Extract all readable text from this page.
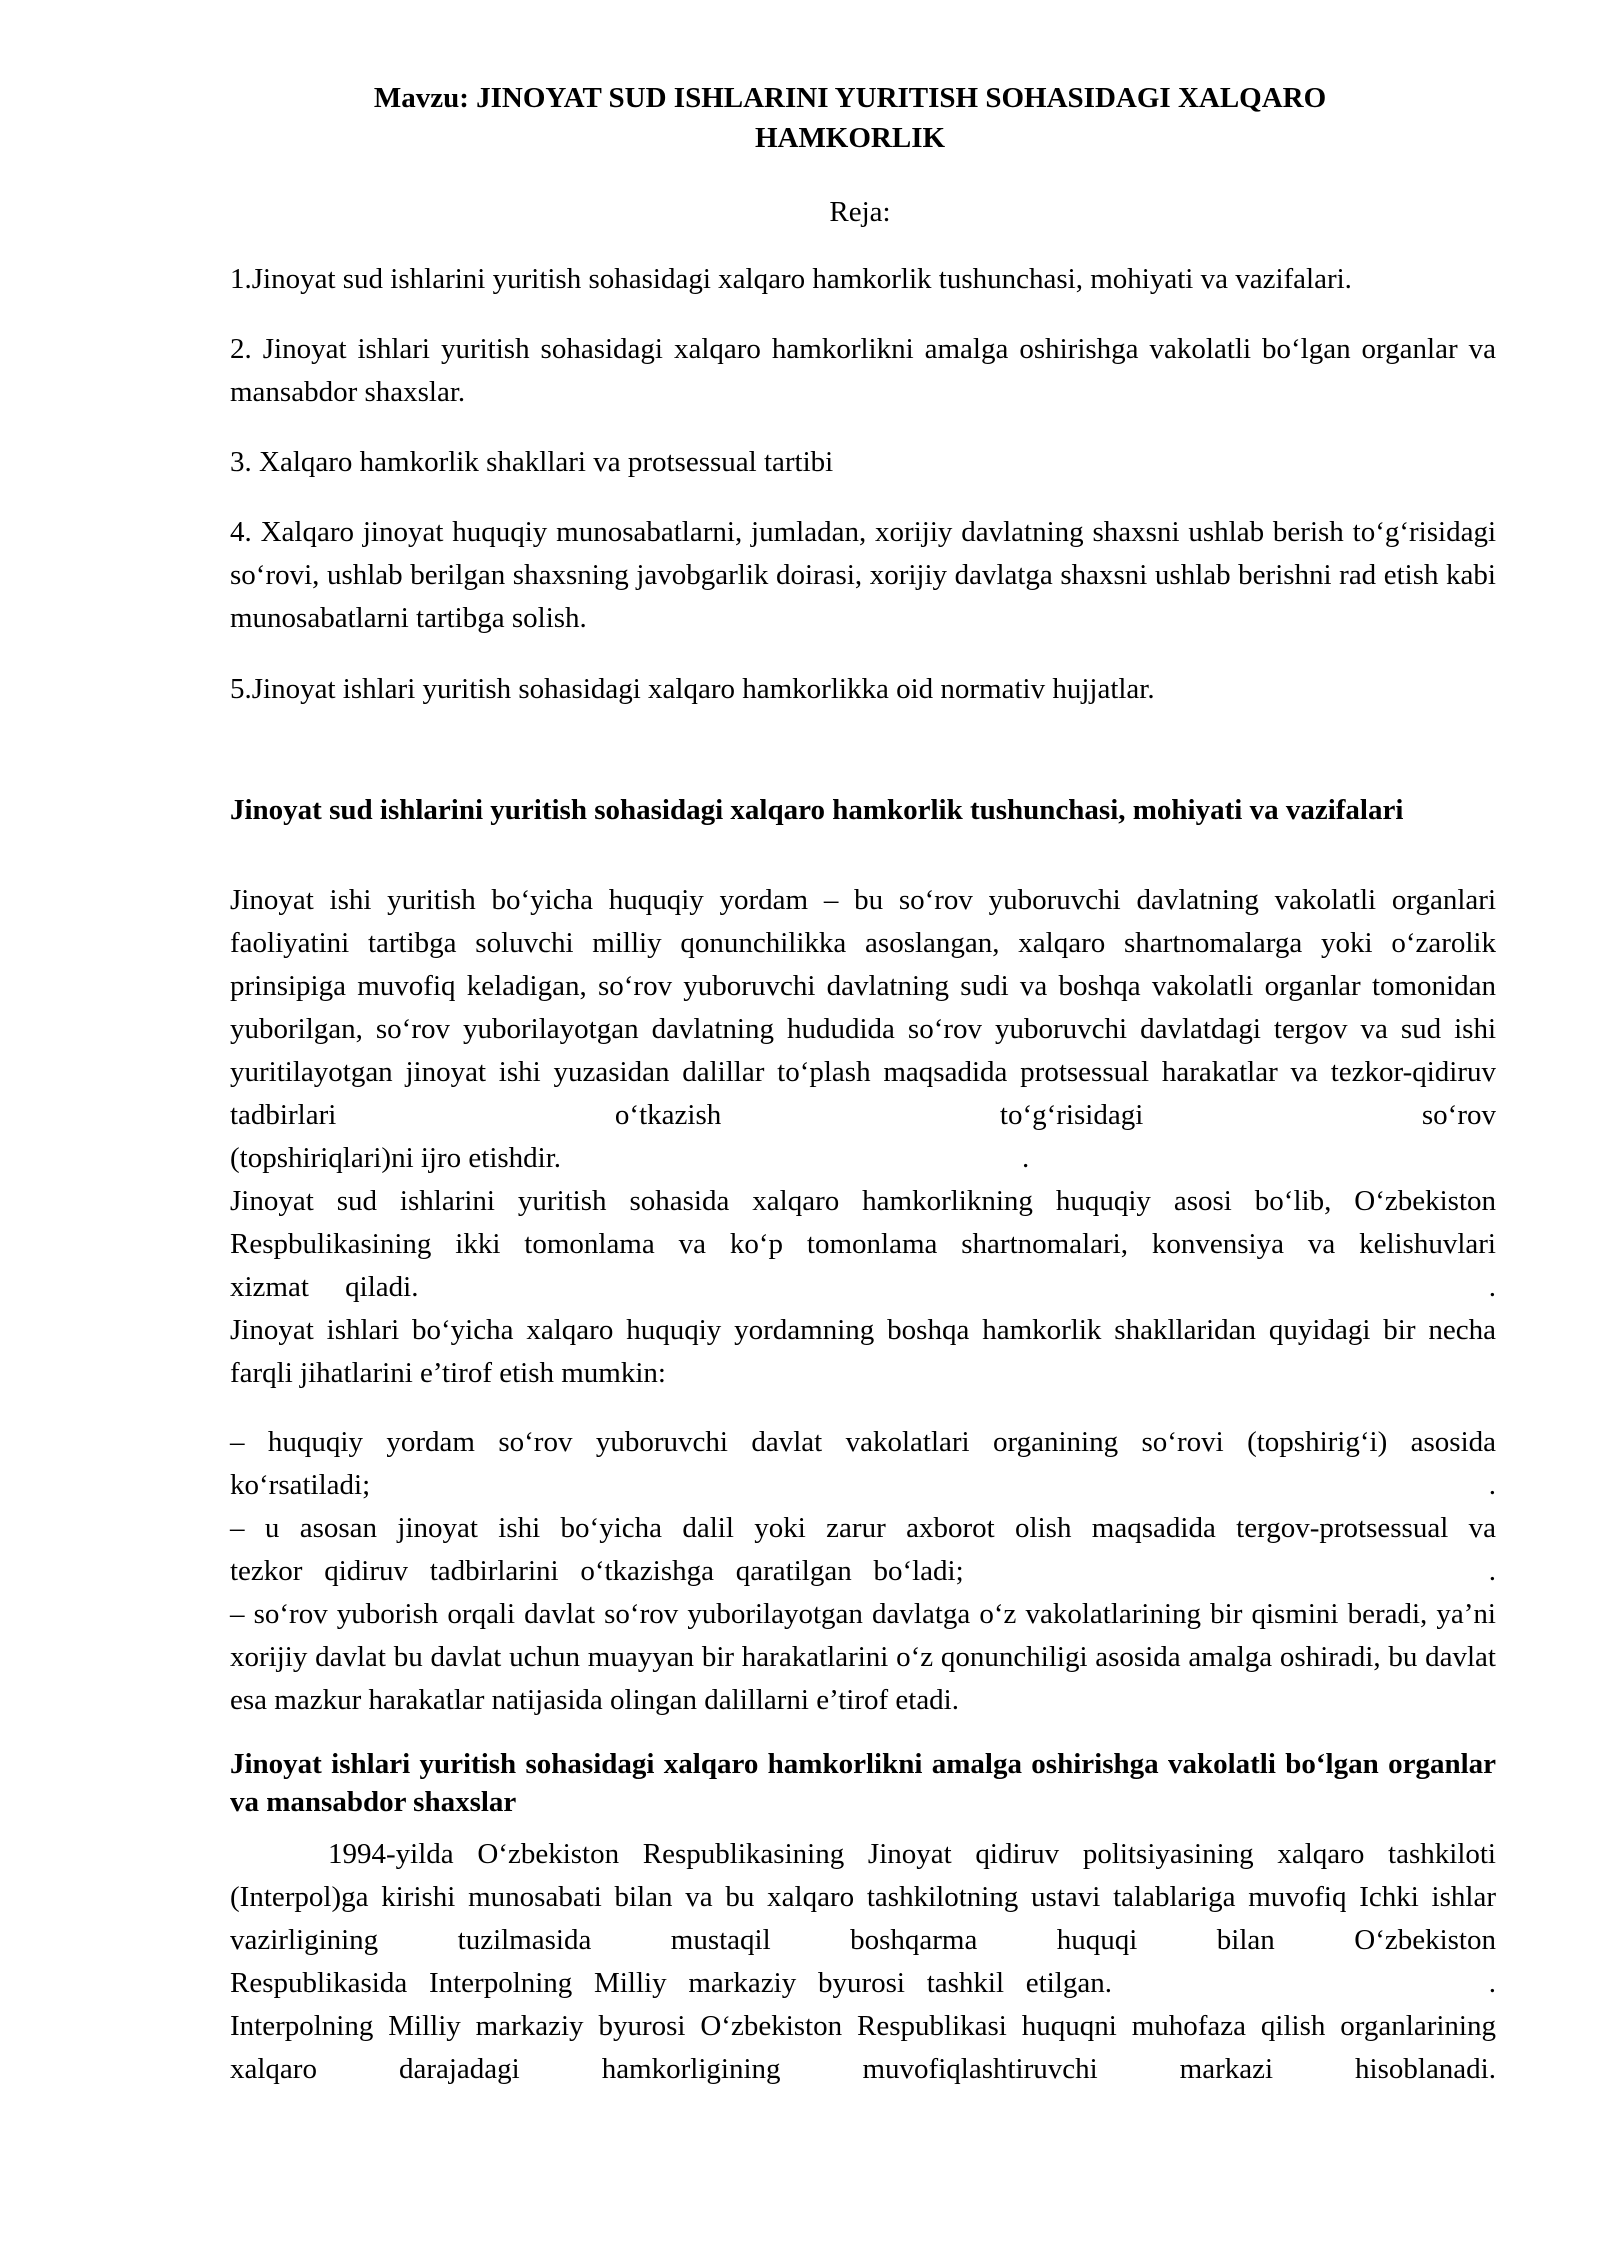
Mavzu: JINOYAT SUD ISHLARINI YURITISH SOHASIDAGI XALQARO
HAMKORLIK
Reja:

1.Jinoyat sud ishlarini yuritish sohasidagi xalqaro hamkorlik tushunchasi, mohiyati va vazifalari.

2. Jinoyat ishlari yuritish sohasidagi xalqaro hamkorlikni amalga oshirishga vakolatli bo‘lgan organlar va mansabdor shaxslar.

3. Xalqaro hamkorlik shakllari va protsessual tartibi

4. Xalqaro jinoyat huquqiy munosabatlarni, jumladan, xorijiy davlatning shaxsni ushlab berish to‘g‘risidagi so‘rovi, ushlab berilgan shaxsning javobgarlik doirasi, xorijiy davlatga shaxsni ushlab berishni rad etish kabi munosabatlarni tartibga solish.

5.Jinoyat ishlari yuritish sohasidagi xalqaro hamkorlikka oid normativ hujjatlar.

Jinoyat sud ishlarini yuritish sohasidagi xalqaro hamkorlik tushunchasi, mohiyati va vazifalari

Jinoyat ishi yuritish bo‘yicha huquqiy yordam – bu so‘rov yuboruvchi davlatning vakolatli organlari faoliyatini tartibga soluvchi milliy qonunchilikka asoslangan, xalqaro shartnomalarga yoki o‘zarolik prinsipiga muvofiq keladigan, so‘rov yuboruvchi davlatning sudi va boshqa vakolatli organlar tomonidan yuborilgan, so‘rov yuborilayotgan davlatning hududida so‘rov yuboruvchi davlatdagi tergov va sud ishi yuritilayotgan jinoyat ishi yuzasidan dalillar to‘plash maqsadida protsessual harakatlar va tezkor-qidiruv tadbirlari o‘tkazish to‘g‘risidagi so‘rov

(topshiriqlari)ni ijro etishdir.	.

Jinoyat sud ishlarini yuritish sohasida xalqaro hamkorlikning huquqiy asosi bo‘lib, O‘zbekiston Respbulikasining ikki tomonlama va ko‘p tomonlama shartnomalari, konvensiya va kelishuvlari

xizmat     qiladi.	.

Jinoyat ishlari bo‘yicha xalqaro huquqiy yordamning boshqa hamkorlik shakllaridan quyidagi bir necha farqli jihatlarini e’tirof etish mumkin:

– huquqiy yordam so‘rov yuboruvchi davlat vakolatlari organining so‘rovi (topshirig‘i) asosida

ko‘rsatiladi;	.

– u asosan jinoyat ishi bo‘yicha dalil yoki zarur axborot olish maqsadida tergov-protsessual va

tezkor   qidiruv   tadbirlarini   o‘tkazishga   qaratilgan   bo‘ladi;	.

– so‘rov yuborish orqali davlat so‘rov yuborilayotgan davlatga o‘z vakolatlarining bir qismini beradi, ya’ni xorijiy davlat bu davlat uchun muayyan bir harakatlarini o‘z qonunchiligi asosida amalga oshiradi, bu davlat esa mazkur harakatlar natijasida olingan dalillarni e’tirof etadi.

Jinoyat ishlari yuritish sohasidagi xalqaro hamkorlikni amalga oshirishga vakolatli bo‘lgan organlar va mansabdor shaxslar

1994-yilda O‘zbekiston Respublikasining Jinoyat qidiruv politsiyasining xalqaro tashkiloti (Interpol)ga kirishi munosabati bilan va bu xalqaro tashkilotning ustavi talablariga muvofiq Ichki ishlar vazirligining tuzilmasida mustaqil boshqarma huquqi bilan O‘zbekiston

Respublikasida   Interpolning   Milliy   markaziy   byurosi   tashkil   etilgan.	.

Interpolning Milliy markaziy byurosi O‘zbekiston Respublikasi huquqni muhofaza qilish organlarining xalqaro darajadagi hamkorligining muvofiqlashtiruvchi markazi hisoblanadi.
